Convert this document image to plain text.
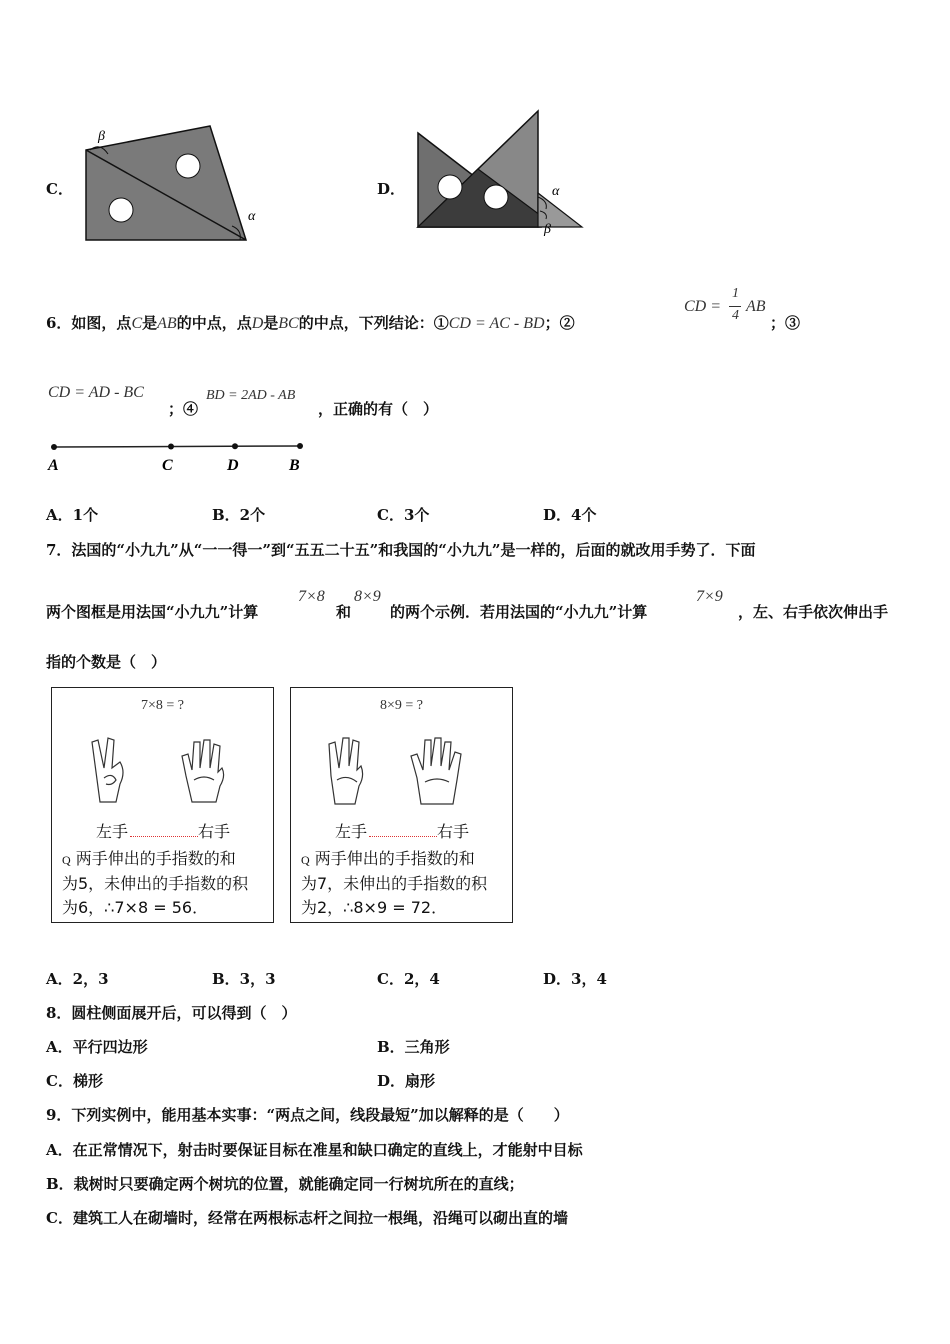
C．
β
α
D．	α
β
6．如图，点C是AB的中点，点D是BC的中点，下列结论：①CD = AC - BD；②
CD =
1
4
AB
；③
CD = AD - BC
；④
BD = 2AD - AB
，正确的有（　）
A	C	D	B
A．1个	B．2个	C．3个	D．4个
7．法国的“小九九”从“一一得一”到“五五二十五”和我国的“小九九”是一样的，后面的就改用手势了．下面
两个图框是用法国“小九九”计算
7×8
和
8×9
的两个示例．若用法国的“小九九”计算
7×9
，左、右手依次伸出手
指的个数是（　）
7×8 = ?
左手	右手
Q 两手伸出的手指数的和
为5，未伸出的手指数的积
为6，∴7×8 = 56．
8×9 = ?
左手	右手
Q 两手伸出的手指数的和
为7，未伸出的手指数的积
为2，∴8×9 = 72．
A．2，3	B．3，3	C．2，4	D．3，4
8．圆柱侧面展开后，可以得到（　）
A．平行四边形	B．三角形
C．梯形	D．扇形
9．下列实例中，能用基本实事：“两点之间，线段最短”加以解释的是（　　）
A．在正常情况下，射击时要保证目标在准星和缺口确定的直线上，才能射中目标
B．栽树时只要确定两个树坑的位置，就能确定同一行树坑所在的直线；
C．建筑工人在砌墙时，经常在两根标志杆之间拉一根绳，沿绳可以砌出直的墙
